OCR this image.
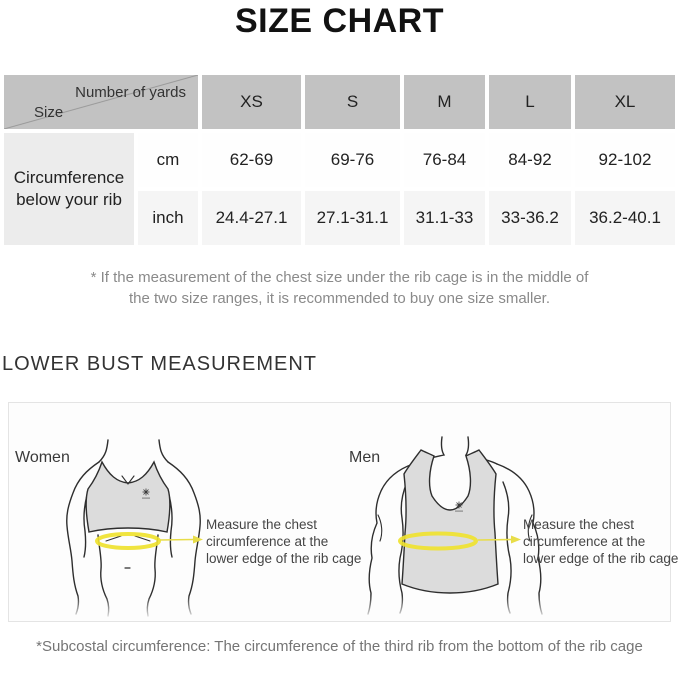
SIZE CHART
Number of yards
Size		XS	S	M	L	XL
Circumference below your rib	cm	62-69	69-76	76-84	84-92	92-102
	inch	24.4-27.1	27.1-31.1	31.1-33	33-36.2	36.2-40.1
* If the measurement of the chest size under the rib cage is in the middle of
the two size ranges, it is recommended to buy one size smaller.
LOWER BUST MEASUREMENT
Women	Men
Measure the chest
circumference at the
lower edge of the rib cage
Measure the chest
circumference at the
lower edge of the rib cage
*Subcostal circumference: The circumference of the third rib from the bottom of the rib cage
